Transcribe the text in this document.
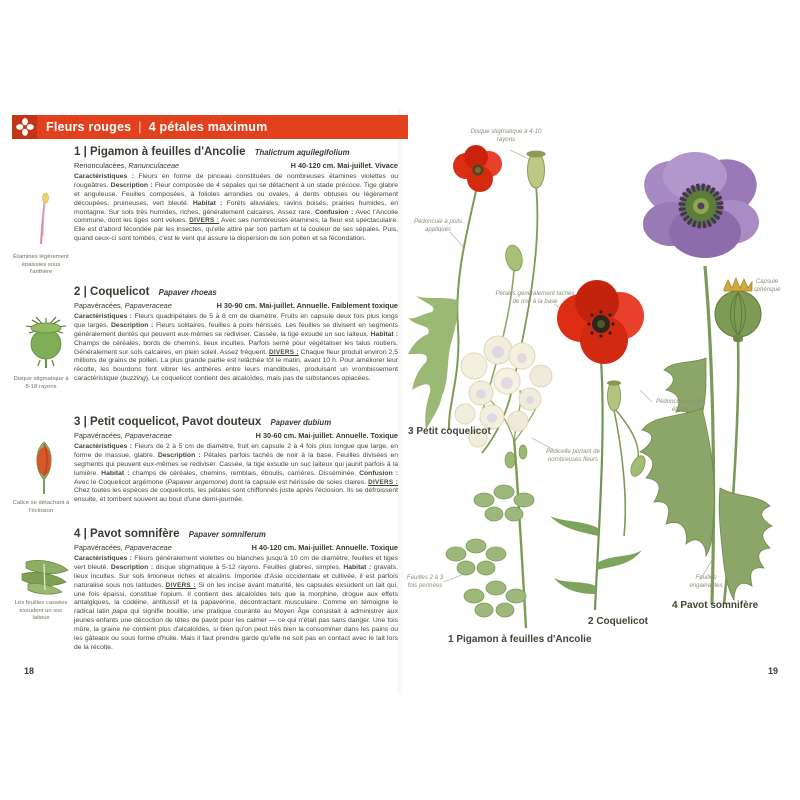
Fleurs rouges | 4 pétales maximum
1 | Pigamon à feuilles d'Ancolie Thalictrum aquilegifolium
Renonculacées, Ranunculaceae	H 40-120 cm. Mai-juillet. Vivace

Caractéristiques : Fleurs en forme de pinceau constituées de nombreuses étamines violettes ou rougeâtres. Description : Fleur composée de 4 sépales qui se détachent à un stade précoce. Tige glabre et anguleuse. Feuilles composées, à folioles arrondies ou ovales, à dents obtuses ou légèrement découpées, pruineuses, vert bleuté. Habitat : Forêts alluviales, ravins boisés, prairies humides, en montagne. Sur sols très humides, riches, généralement calcaires. Assez rare. Confusion : Avec l'Ancolie commune, dont les tiges sont velues. DIVERS : Avec ses nombreuses étamines, la fleur est spectaculaire. Elle est d'abord fécondée par les insectes, qu'elle attire par son parfum et la couleur de ses sépales. Puis, quand ceux-ci sont tombés, c'est le vent qui assure la dispersion de son pollen et sa fécondation.

2 | Coquelicot Papaver rhoeas
Papavéracées, Papaveraceae	H 30-90 cm. Mai-juillet. Annuelle. Faiblement toxique

Caractéristiques : Fleurs quadripétales de 5 à 8 cm de diamètre. Fruits en capsule deux fois plus longs que larges. Description : Fleurs solitaires, feuilles à poils hérissés. Les feuilles se divisent en segments généralement dentés qui peuvent eux-mêmes se rediviser. Cassée, la tige exsude un suc laiteux. Habitat : Champs de céréales, bords de chemins, lieux incultes. Parfois semé pour végétaliser les talus routiers. Généralement sur sols calcaires, en plein soleil. Assez fréquent. DIVERS : Chaque fleur produit environ 2,5 millions de grains de pollen. La plus grande partie est relâchée tôt le matin, avant 10 h. Pour améliorer leur récolte, les bourdons font vibrer les anthères entre leurs mandibules, produisant un vrombissement caractéristique (buzzing). Le coquelicot contient des alcaloïdes, mais pas de substances opiacées.

3 | Petit coquelicot, Pavot douteux Papaver dubium
Papavéracées, Papaveraceae	H 30-60 cm. Mai-juillet. Annuelle. Toxique

Caractéristiques : Fleurs de 2 à 5 cm de diamètre, fruit en capsule 2 à 4 fois plus longue que large, en forme de massue, glabre. Description : Pétales parfois tachés de noir à la base. Feuilles divisées en segments qui peuvent eux-mêmes se rediviser. Cassée, la tige exsude un suc laiteux qui jaunit parfois à la lumière. Habitat : champs de céréales, chemins, remblais, éboulis, carrières. Disséminée. Confusion : Avec le Coquelicot argémone (Papaver argemone) dont la capsule est hérissée de soies claires. DIVERS : Chez toutes les espèces de coquelicots, les pétales sont chiffonnés juste après l'éclosion. Ils se défroissent ensuite, et tombent souvent au bout d'une demi-journée.

4 | Pavot somnifère Papaver somniferum
Papavéracées, Papaveraceae	H 40-120 cm. Mai-juillet. Annuelle. Toxique

Caractéristiques : Fleurs généralement violettes ou blanches jusqu'à 10 cm de diamètre, feuilles et tiges vert bleuté. Description : disque stigmatique à 5-12 rayons. Feuilles glabres, simples. Habitat : gravats, lieux incultes. Sur sols limoneux riches et alcalins. Importée d'Asie occidentale et cultivée, il est parfois naturalisé sous nos latitudes. DIVERS : Si on les incise avant maturité, les capsules exsudent un lait qui, une fois épaissi, constitue l'opium. Il contient des alcaloïdes tels que la morphine, drogue aux effets antalgiques, la codéine, antitussif et la papavérine, décontractant musculaire. Comme en témoigne le radical latin papa qui signifie bouillie, une pratique courante au Moyen Âge consistait à administrer aux jeunes enfants une décoction de têtes de pavot pour les calmer — ce qui n'était pas sans danger. Une fois mûre, la graine ne contient plus d'alcaloïdes, si bien qu'on peut très bien la consommer dans les pains ou les gâteaux ou sous forme d'huile. Mais il faut prendre garde qu'elle ne soit pas en contact avec le lait lors de la récolte.

Étamines légèrement épaissies sous l'anthère
Disque stigmatique à 8-18 rayons
Calice se détachant à l'éclosion
Les feuilles cassées exsudent un suc laiteux
18
Disque stigmatique à 4-10 rayons
Pédoncule à poils appliqués
Pétales généralement tachés de noir à la base
Pédicelle portant de nombreuses fleurs
Pédoncule à poils étalés
Capsule sphérique
Feuilles 2 à 3 fois pennées
Feuilles engainantes
3 Petit coquelicot
1 Pigamon à feuilles d'Ancolie
2 Coquelicot
4 Pavot somnifère
19
